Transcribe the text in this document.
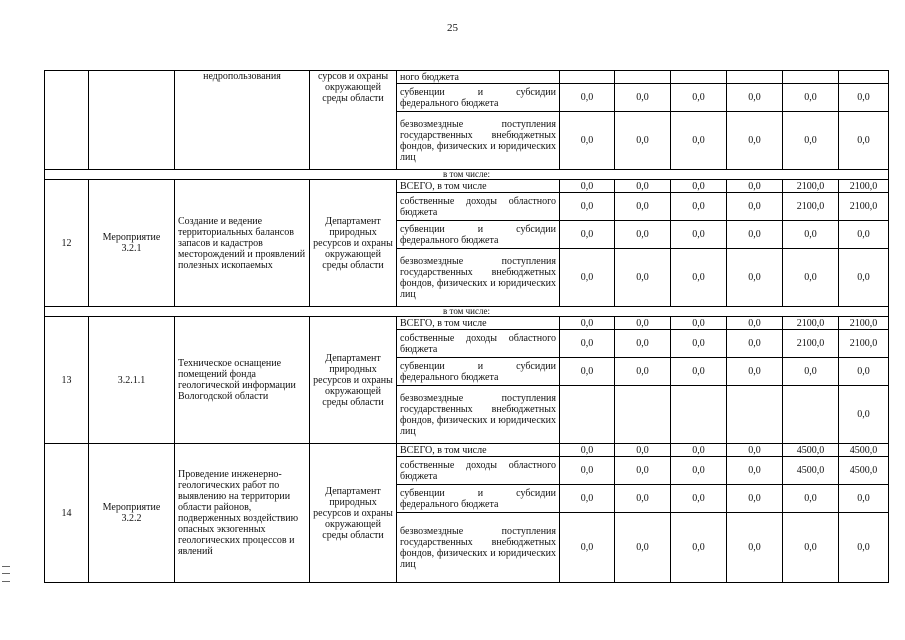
25
		недропользования	сурсов и охраны окружающей среды области	ного бюджета						
				субвенции и субсидии федерального бюджета	0,0	0,0	0,0	0,0	0,0	0,0
				безвозмездные поступления государственных внебюджетных фондов, физических и юридических лиц	0,0	0,0	0,0	0,0	0,0	0,0
в том числе:										
12	Мероприятие 3.2.1	Создание и ведение территориальных балансов запасов и кадастров месторождений и проявлений полезных ископаемых	Департамент природных ресурсов и охраны окружающей среды области	ВСЕГО, в том числе	0,0	0,0	0,0	0,0	2100,0	2100,0
				собственные доходы областного бюджета	0,0	0,0	0,0	0,0	2100,0	2100,0
				субвенции и субсидии федерального бюджета	0,0	0,0	0,0	0,0	0,0	0,0
				безвозмездные поступления государственных внебюджетных фондов, физических и юридических лиц	0,0	0,0	0,0	0,0	0,0	0,0
в том числе:										
13	3.2.1.1	Техническое оснащение помещений фонда геологической информации Вологодской области	Департамент природных ресурсов и охраны окружающей среды области	ВСЕГО, в том числе	0,0	0,0	0,0	0,0	2100,0	2100,0
				собственные доходы областного бюджета	0,0	0,0	0,0	0,0	2100,0	2100,0
				субвенции и субсидии федерального бюджета	0,0	0,0	0,0	0,0	0,0	0,0
				безвозмездные поступления государственных внебюджетных фондов, физических и юридических лиц						0,0
14	Мероприятие 3.2.2	Проведение инженерно-геологических работ по выявлению на территории области районов, подверженных воздействию опасных экзогенных геологических процессов и явлений	Департамент природных ресурсов и охраны окружающей среды области	ВСЕГО, в том числе	0,0	0,0	0,0	0,0	4500,0	4500,0
				собственные доходы областного бюджета	0,0	0,0	0,0	0,0	4500,0	4500,0
				субвенции и субсидии федерального бюджета	0,0	0,0	0,0	0,0	0,0	0,0
				безвозмездные поступления государственных внебюджетных фондов, физических и юридических лиц	0,0	0,0	0,0	0,0	0,0	0,0
